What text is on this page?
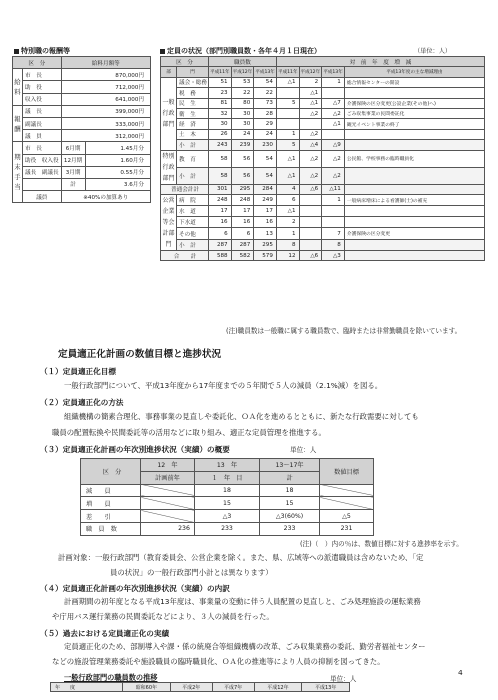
特別職の報酬等
区　分		給料月額等	
給料	市　長	870,000円	
	助　役	712,000円	
	収入役	641,000円	
報酬	議　長	399,000円	
	副議長	333,000円	
	議　員	312,000円	
期末手当	市　長	6月期	1.45月分
	助役　収入役	12月期	1.60月分
	議長　副議長	3月期	0.55月分
		計	3.6月分
	議員	※40%の加算あり	
定員の状況（部門別職員数・各年４月１日現在）	（単位：人）
区　分		職員数			対　前　年　度　増　減			
部	門	平成11年	平成12年	平成13年	平成11年	平成12年	平成13年	平成13年度の主な増減理由
一般行政部門	議会・総務	51	53	54	△1	2	1	総合情報センターの開設
	税　務	23	22	22		△1		
	民　生	81	80	73	5	△1	△7	介護保険の区分変更(公設企業(その他)へ)
	衛　生	32	30	28		△2	△2	ごみ収集事業の民間委託化
	経　済	30	30	29			△1	観光イベント事業の終了
	土　木	26	24	24	1	△2		
	小　計	243	239	230	5	△4	△9	
特別行政部門	教　育	58	56	54	△1	△2	△2	公民館、学校事務の臨時職員化
	小　計	58	56	54	△1	△2	△2	
普通会計計		301	295	284	4	△6	△11	
公営企業等会計部門	病　院	248	248	249	6		1	一般病床増床による看護師(士)の補充
	水　道	17	17	17	△1			
	下水道	16	16	16	2			
	その他	6	6	13	1		7	介護保険の区分変更
	小　計	287	287	295	8		8	
合　　計		588	582	579	12	△6	△3	
(注)職員数は一般職に属する職員数で、臨時または非常勤職員を除いています。
定員適正化計画の数値目標と進捗状況
（１）定員適正化目標
一般行政部門について、平成13年度から17年度までの５年間で５人の減員（2.1%減）を図る。
（２）定員適正化の方法
組織機構の簡素合理化、事務事業の見直しや委託化、ＯＡ化を進めるとともに、新たな行政需要に対しても
職員の配置転換や民間委託等の活用などに取り組み、適正な定員管理を推進する。
（３）定員適正化計画の年次別進捗状況（実績）の概要	単位：人
区　分	12　年	13　年	13〜17年	数値目標
	計画前年	１　年　目	計	
減　　員		18	18	
増　　員		15	15	
差　　引		△3	△3(60%)	△5
職　員　数	236	233	233	231
(注)（　）内の％は、数値目標に対する進捗率を示す。
計画対象：一般行政部門（教育委員会、公営企業を除く。また、県、広域等への派遣職員は含めないため、「定
員の状況」の一般行政部門小計とは異なります）
（４）定員適正化計画の年次別進捗状況（実績）の内訳
計画期間の初年度となる平成13年度は、事業量の変動に伴う人員配置の見直しと、ごみ処理施設の運転業務
や庁用バス運行業務の民間委託などにより、３人の減員を行った。
（５）過去における定員適正化の実績
定員適正化のため、部制導入や課・係の統廃合等組織機構の改革、ごみ収集業務の委託、勤労者福祉センター
などの施設管理業務委託や施設職員の臨時職員化、ＯＡ化の推進等により人員の抑制を図ってきた。
一般行政部門の職員数の推移	単位：人
年　　度	昭和60年	平成2年	平成7年	平成12年	平成13年

4
